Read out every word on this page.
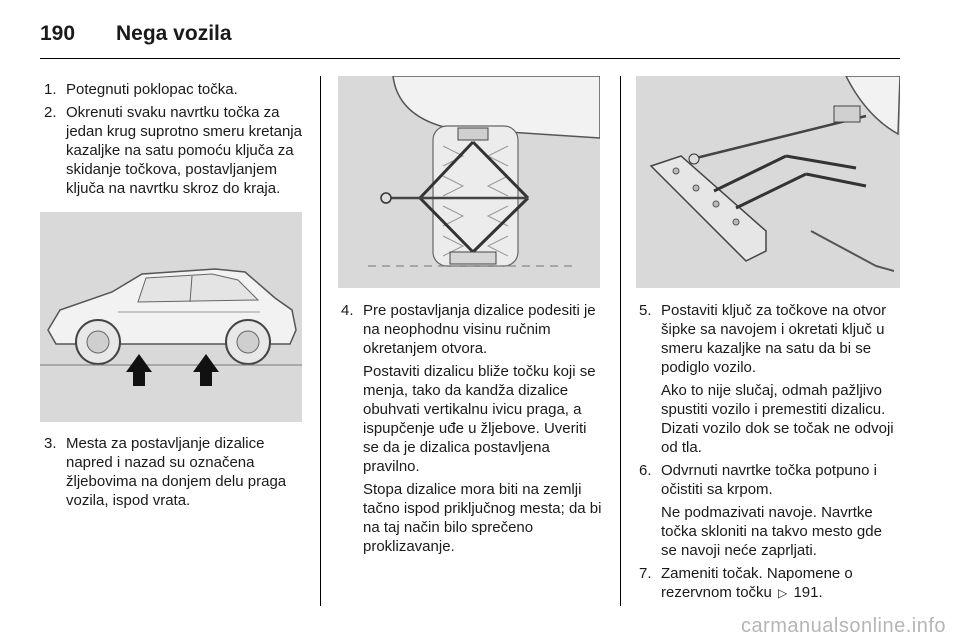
190 Nega vozila
1. Potegnuti poklopac točka.

2. Okrenuti svaku navrtku točka za jedan krug suprotno smeru kretanja kazaljke na satu pomoću ključa za skidanje točkova, postavljanjem ključa na navrtku skroz do kraja.

3. Mesta za postavljanje dizalice napred i nazad su označena žljebovima na donjem delu praga vozila, ispod vrata.

4. Pre postavljanja dizalice podesiti je na neophodnu visinu ručnim okretanjem otvora.

Postaviti dizalicu bliže točku koji se menja, tako da kandža dizalice obuhvati vertikalnu ivicu praga, a ispupčenje uđe u žljebove. Uveriti se da je dizalica postavljena pravilno.

Stopa dizalice mora biti na zemlji tačno ispod priključnog mesta; da bi na taj način bilo sprečeno proklizavanje.

5. Postaviti ključ za točkove na otvor šipke sa navojem i okretati ključ u smeru kazaljke na satu da bi se podiglo vozilo.

Ako to nije slučaj, odmah pažljivo spustiti vozilo i premestiti dizalicu. Dizati vozilo dok se točak ne odvoji od tla.

6. Odvrnuti navrtke točka potpuno i očistiti sa krpom.

Ne podmazivati navoje. Navrtke točka skloniti na takvo mesto gde se navoji neće zaprljati.

7. Zameniti točak. Napomene o rezervnom točku ▷ 191.

carmanualsonline.info
